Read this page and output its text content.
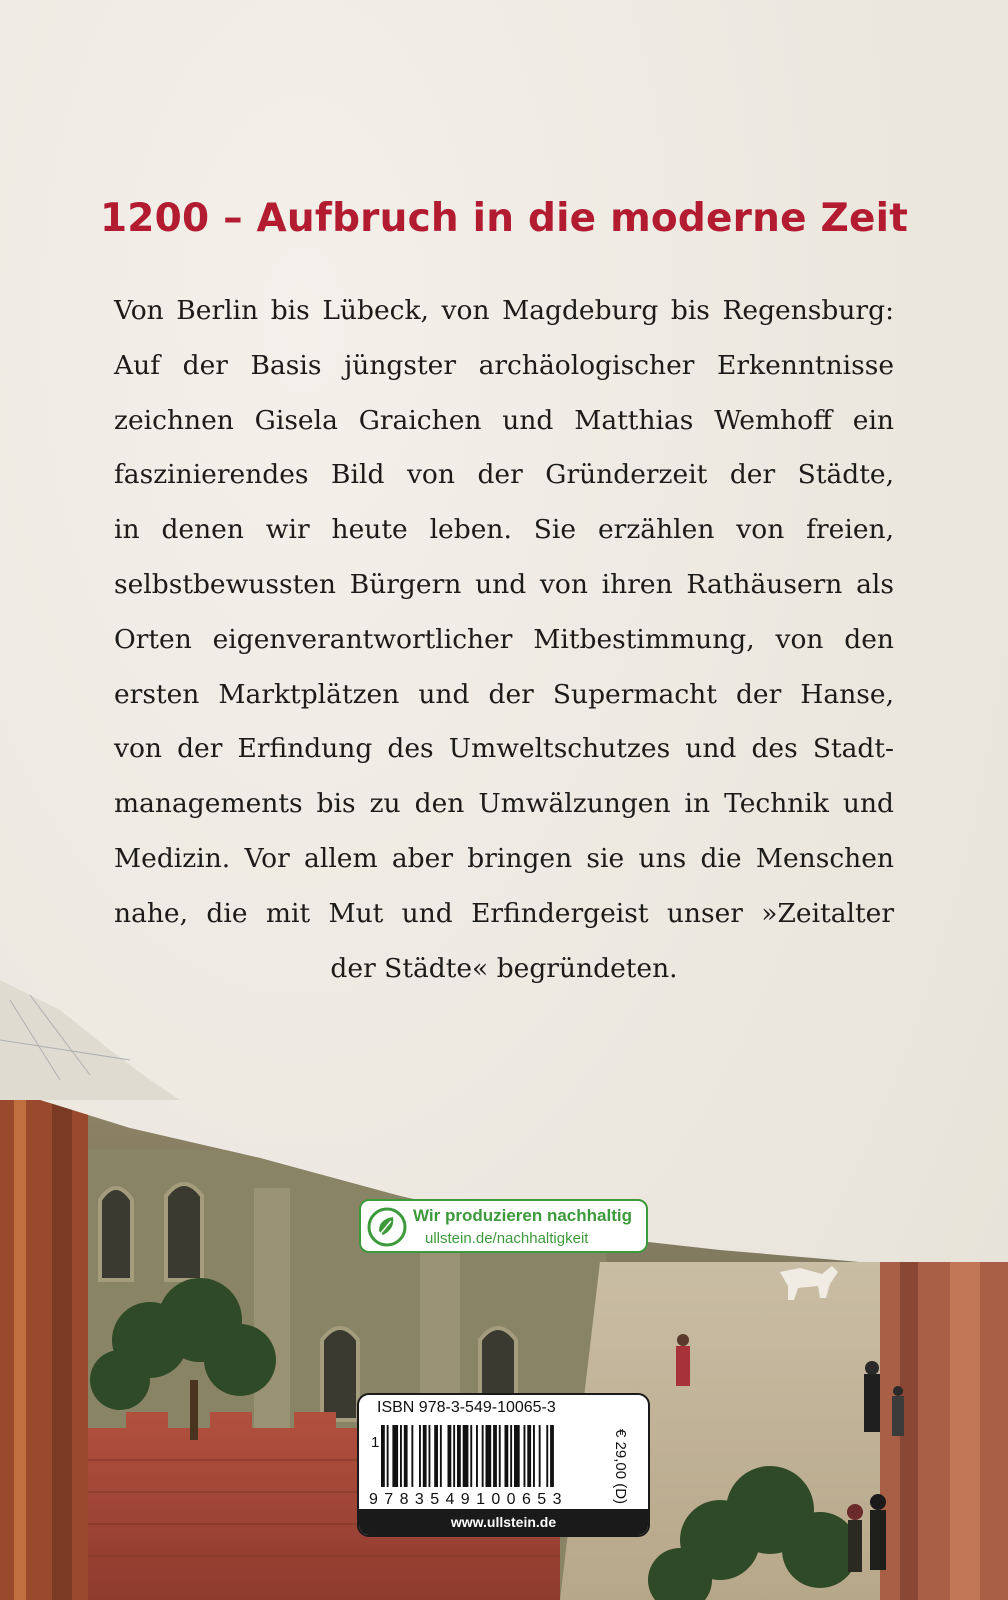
1200 – Aufbruch in die moderne Zeit
Von Berlin bis Lübeck, von Magdeburg bis Regensburg:
Auf der Basis jüngster archäologischer Erkenntnisse
zeichnen Gisela Graichen und Matthias Wemhoff ein
faszinierendes Bild von der Gründerzeit der Städte,
in denen wir heute leben. Sie erzählen von freien,
selbstbewussten Bürgern und von ihren Rathäusern als
Orten eigenverantwortlicher Mitbestimmung, von den
ersten Marktplätzen und der Supermacht der Hanse,
von der Erfindung des Umweltschutzes und des Stadt-
managements bis zu den Umwälzungen in Technik und
Medizin. Vor allem aber bringen sie uns die Menschen
nahe, die mit Mut und Erfindergeist unser »Zeitalter
der Städte« begründeten.
Wir produzieren nachhaltig
ullstein.de/nachhaltigkeit
ISBN 978-3-549-10065-3
1
9783549100653	€ 29,00 (D)
www.ullstein.de
